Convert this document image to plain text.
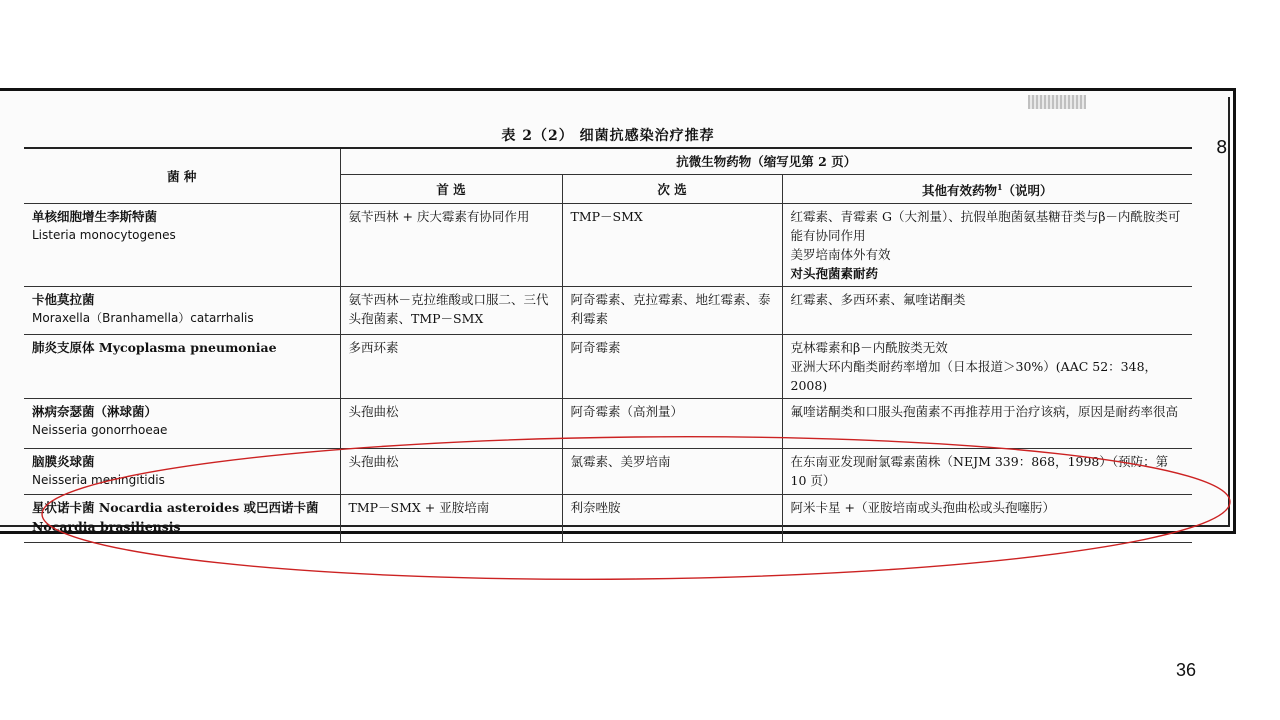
8
表 2（2） 细菌抗感染治疗推荐
菌 种	抗微生物药物（缩写见第 2 页）		
	首 选	次 选	其他有效药物$^1$（说明）

单核细胞增生李斯特菌
Listeria monocytogenes	氨苄西林 + 庆大霉素有协同作用	TMP－SMX	红霉素、青霉素 G（大剂量）、抗假单胞菌氨基糖苷类与β－内酰胺类可能有协同作用
美罗培南体外有效
对头孢菌素耐药

卡他莫拉菌
Moraxella（Branhamella）catarrhalis	氨苄西林－克拉维酸或口服二、三代头孢菌素、TMP－SMX	阿奇霉素、克拉霉素、地红霉素、泰利霉素	红霉素、多西环素、氟喹诺酮类

肺炎支原体 Mycoplasma pneumoniae	多西环素	阿奇霉素	克林霉素和β－内酰胺类无效
亚洲大环内酯类耐药率增加（日本报道＞30%）(AAC 52：348，2008)

淋病奈瑟菌（淋球菌）
Neisseria gonorrhoeae	头孢曲松	阿奇霉素（高剂量）	氟喹诺酮类和口服头孢菌素不再推荐用于治疗该病，原因是耐药率很高

脑膜炎球菌
Neisseria meningitidis	头孢曲松	氯霉素、美罗培南	在东南亚发现耐氯霉素菌株（NEJM 339：868，1998）（预防：第 10 页）

星状诺卡菌 Nocardia asteroides 或巴西诺卡菌 Nocardia brasiliensis	TMP－SMX + 亚胺培南	利奈唑胺	阿米卡星 +（亚胺培南或头孢曲松或头孢噻肟）
36
